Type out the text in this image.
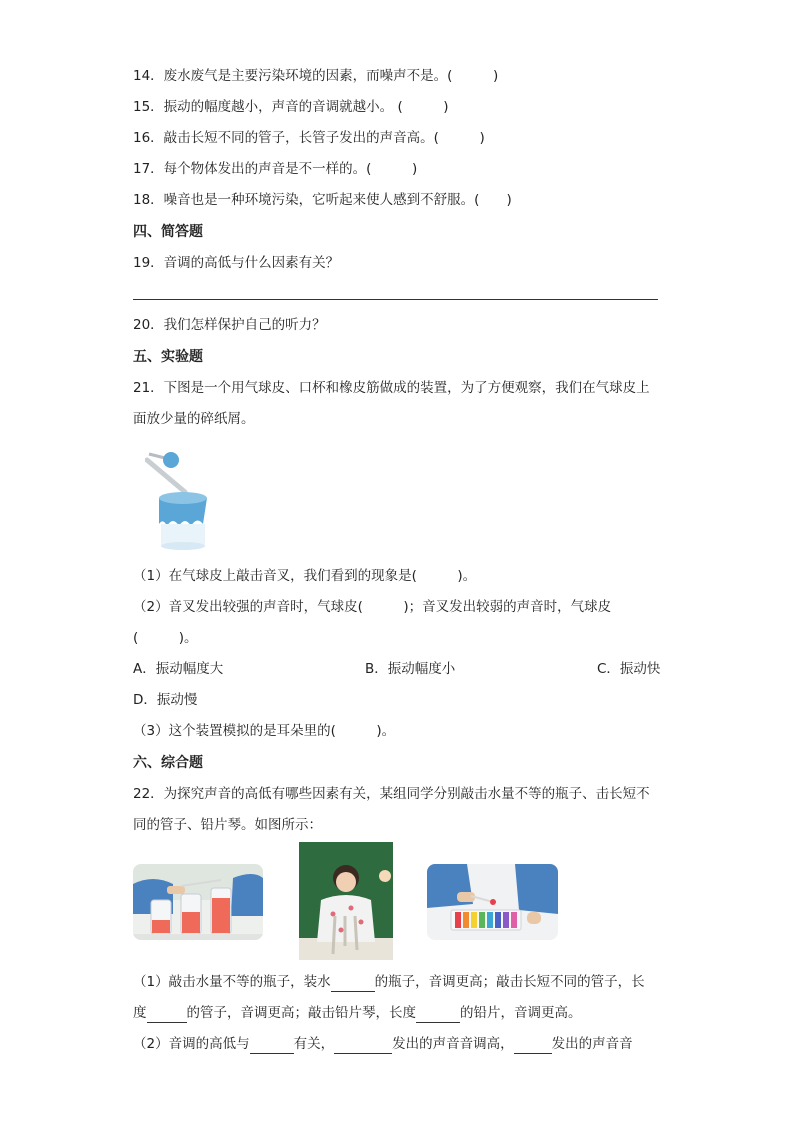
14．废水废气是主要污染环境的因素，而噪声不是。(　　　)
15．振动的幅度越小，声音的音调就越小。 (　　　)
16．敲击长短不同的管子，长管子发出的声音高。(　　　)
17．每个物体发出的声音是不一样的。(　　　)
18．噪音也是一种环境污染，它听起来使人感到不舒服。(　　)
四、简答题
19．音调的高低与什么因素有关？
20．我们怎样保护自己的听力？
五、实验题
21．下图是一个用气球皮、口杯和橡皮筋做成的装置，为了方便观察，我们在气球皮上
面放少量的碎纸屑。
（1）在气球皮上敲击音叉，我们看到的现象是(　　　)。
（2）音叉发出较强的声音时，气球皮(　　　)；音叉发出较弱的声音时，气球皮
(　　　)。
A．振动幅度大	B．振动幅度小	C．振动快
D．振动慢
（3）这个装置模拟的是耳朵里的(　　　)。
六、综合题
22．为探究声音的高低有哪些因素有关，某组同学分别敲击水量不等的瓶子、击长短不
同的管子、铅片琴。如图所示：
（1）敲击水量不等的瓶子，装水	的瓶子，音调更高；敲击长短不同的管子，长
度	的管子，音调更高；敲击铅片琴，长度	的铅片，音调更高。
（2）音调的高低与	有关，	发出的声音音调高，	发出的声音音
